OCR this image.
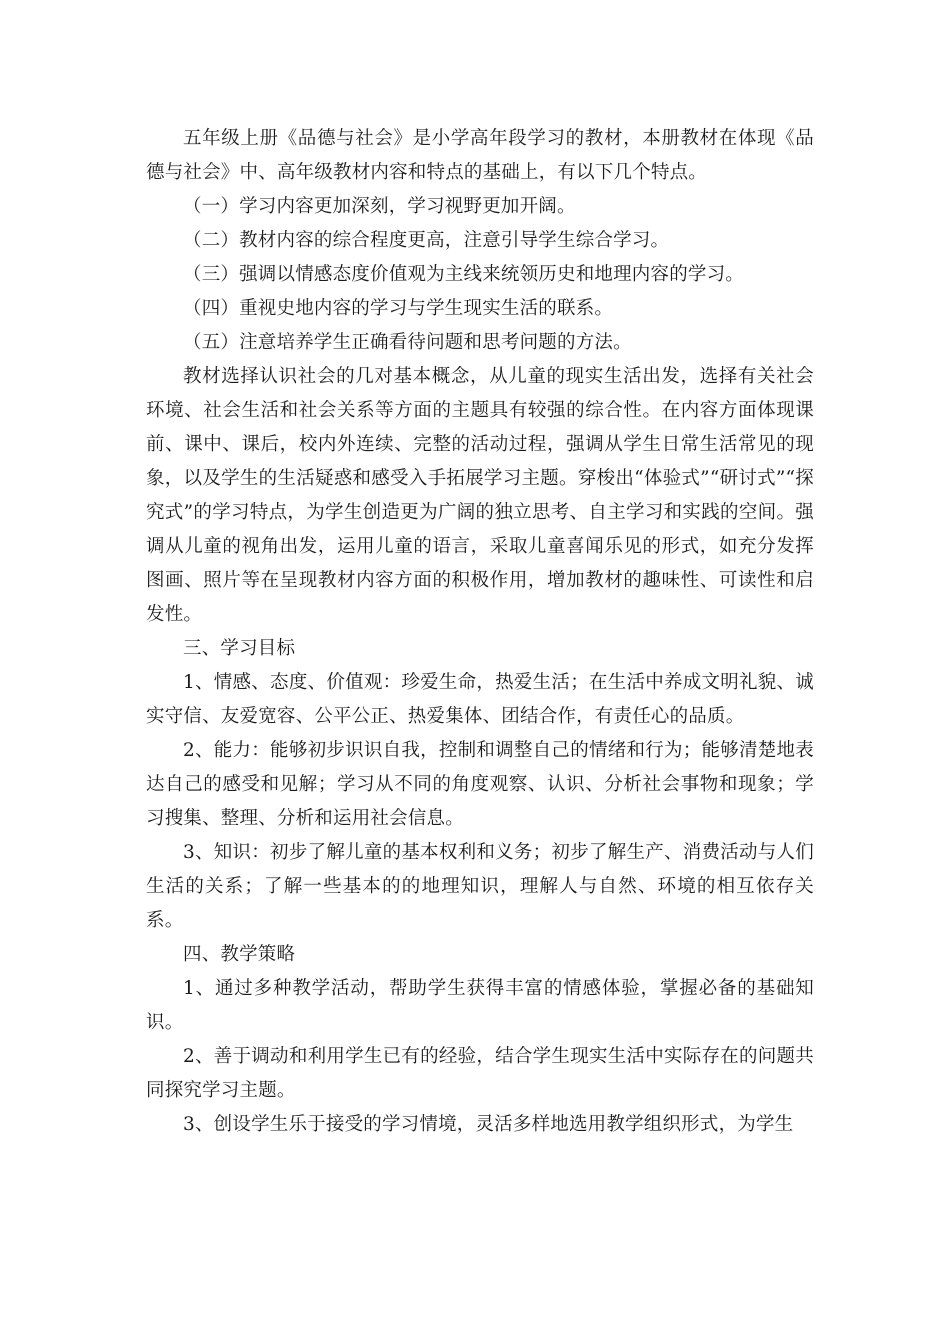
五年级上册《品德与社会》是小学高年段学习的教材，本册教材在体现《品德与社会》中、高年级教材内容和特点的基础上，有以下几个特点。

（一）学习内容更加深刻，学习视野更加开阔。

（二）教材内容的综合程度更高，注意引导学生综合学习。

（三）强调以情感态度价值观为主线来统领历史和地理内容的学习。

（四）重视史地内容的学习与学生现实生活的联系。

（五）注意培养学生正确看待问题和思考问题的方法。

教材选择认识社会的几对基本概念，从儿童的现实生活出发，选择有关社会环境、社会生活和社会关系等方面的主题具有较强的综合性。在内容方面体现课前、课中、课后，校内外连续、完整的活动过程，强调从学生日常生活常见的现象，以及学生的生活疑惑和感受入手拓展学习主题。穿梭出“体验式”“研讨式”“探究式”的学习特点，为学生创造更为广阔的独立思考、自主学习和实践的空间。强调从儿童的视角出发，运用儿童的语言，采取儿童喜闻乐见的形式，如充分发挥图画、照片等在呈现教材内容方面的积极作用，增加教材的趣味性、可读性和启发性。

三、学习目标

1、情感、态度、价值观：珍爱生命，热爱生活；在生活中养成文明礼貌、诚实守信、友爱宽容、公平公正、热爱集体、团结合作，有责任心的品质。

2、能力：能够初步识识自我，控制和调整自己的情绪和行为；能够清楚地表达自己的感受和见解；学习从不同的角度观察、认识、分析社会事物和现象；学习搜集、整理、分析和运用社会信息。

3、知识：初步了解儿童的基本权利和义务；初步了解生产、消费活动与人们生活的关系；了解一些基本的的地理知识，理解人与自然、环境的相互依存关系。

四、教学策略

1、通过多种教学活动，帮助学生获得丰富的情感体验，掌握必备的基础知识。

2、善于调动和利用学生已有的经验，结合学生现实生活中实际存在的问题共同探究学习主题。

3、创设学生乐于接受的学习情境，灵活多样地选用教学组织形式，为学生
